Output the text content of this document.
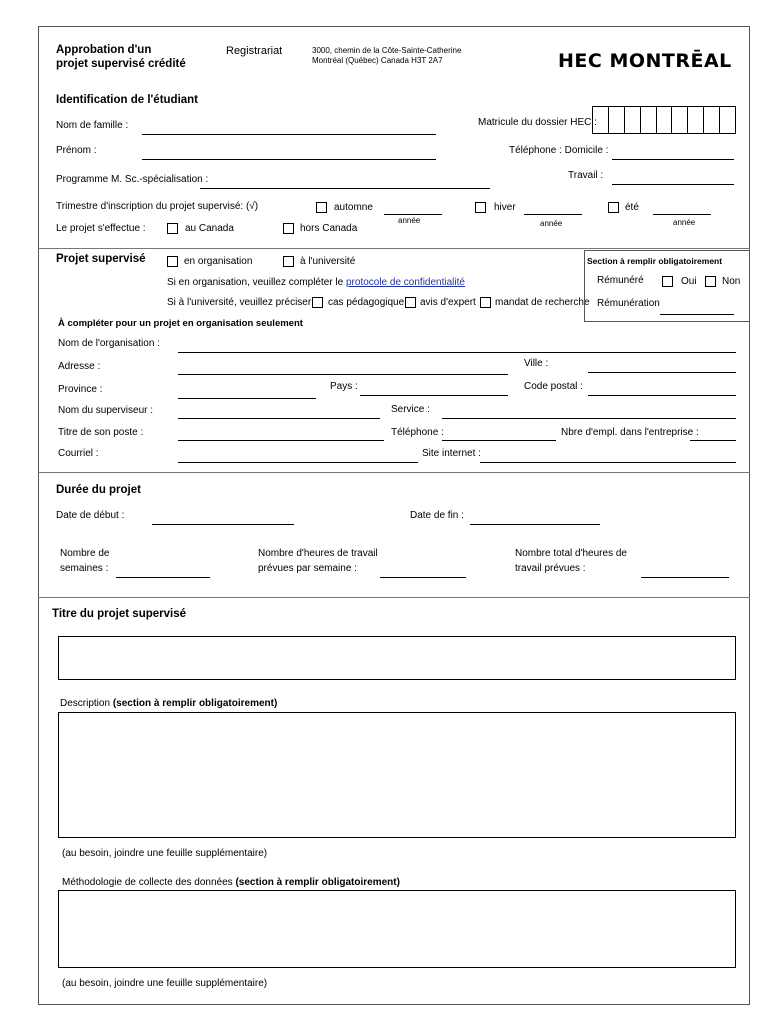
Approbation d'un
projet supervisé crédité
Registrariat	3000, chemin de la Côte-Sainte-Catherine
Montréal (Québec) Canada H3T 2A7	HEC MONTRĒAL
Identification de l'étudiant
Nom de famille :	Matricule du dossier HEC :
Prénom :	Téléphone : Domicile :
Programme M. Sc.-spécialisation :	Travail :
Trimestre d'inscription du projet supervisé: (√)	automne
année
hiver
année
été
année
Le projet s'effectue :	au Canada	hors Canada
Projet supervisé	en organisation	à l'université
Si en organisation, veuillez compléter le protocole de confidentialité
Si à l'université, veuillez préciser cas pédagogique avis d'expert mandat de recherche
Section à remplir obligatoirement
Rémunéré	Oui	Non
Rémunération
À compléter pour un projet en organisation seulement
Nom de l'organisation :
Adresse :	Ville :
Province :	Pays :	Code postal :
Nom du superviseur :	Service :
Titre de son poste :	Téléphone :	Nbre d'empl. dans l'entreprise :
Courriel :	Site internet :
Durée du projet
Date de début :	Date de fin :
Nombre de
semaines :
Nombre d'heures de travail
prévues par semaine :
Nombre total d'heures de
travail prévues :
Titre du projet supervisé
Description (section à remplir obligatoirement)
(au besoin, joindre une feuille supplémentaire)
Méthodologie de collecte des données (section à remplir obligatoirement)
(au besoin, joindre une feuille supplémentaire)
